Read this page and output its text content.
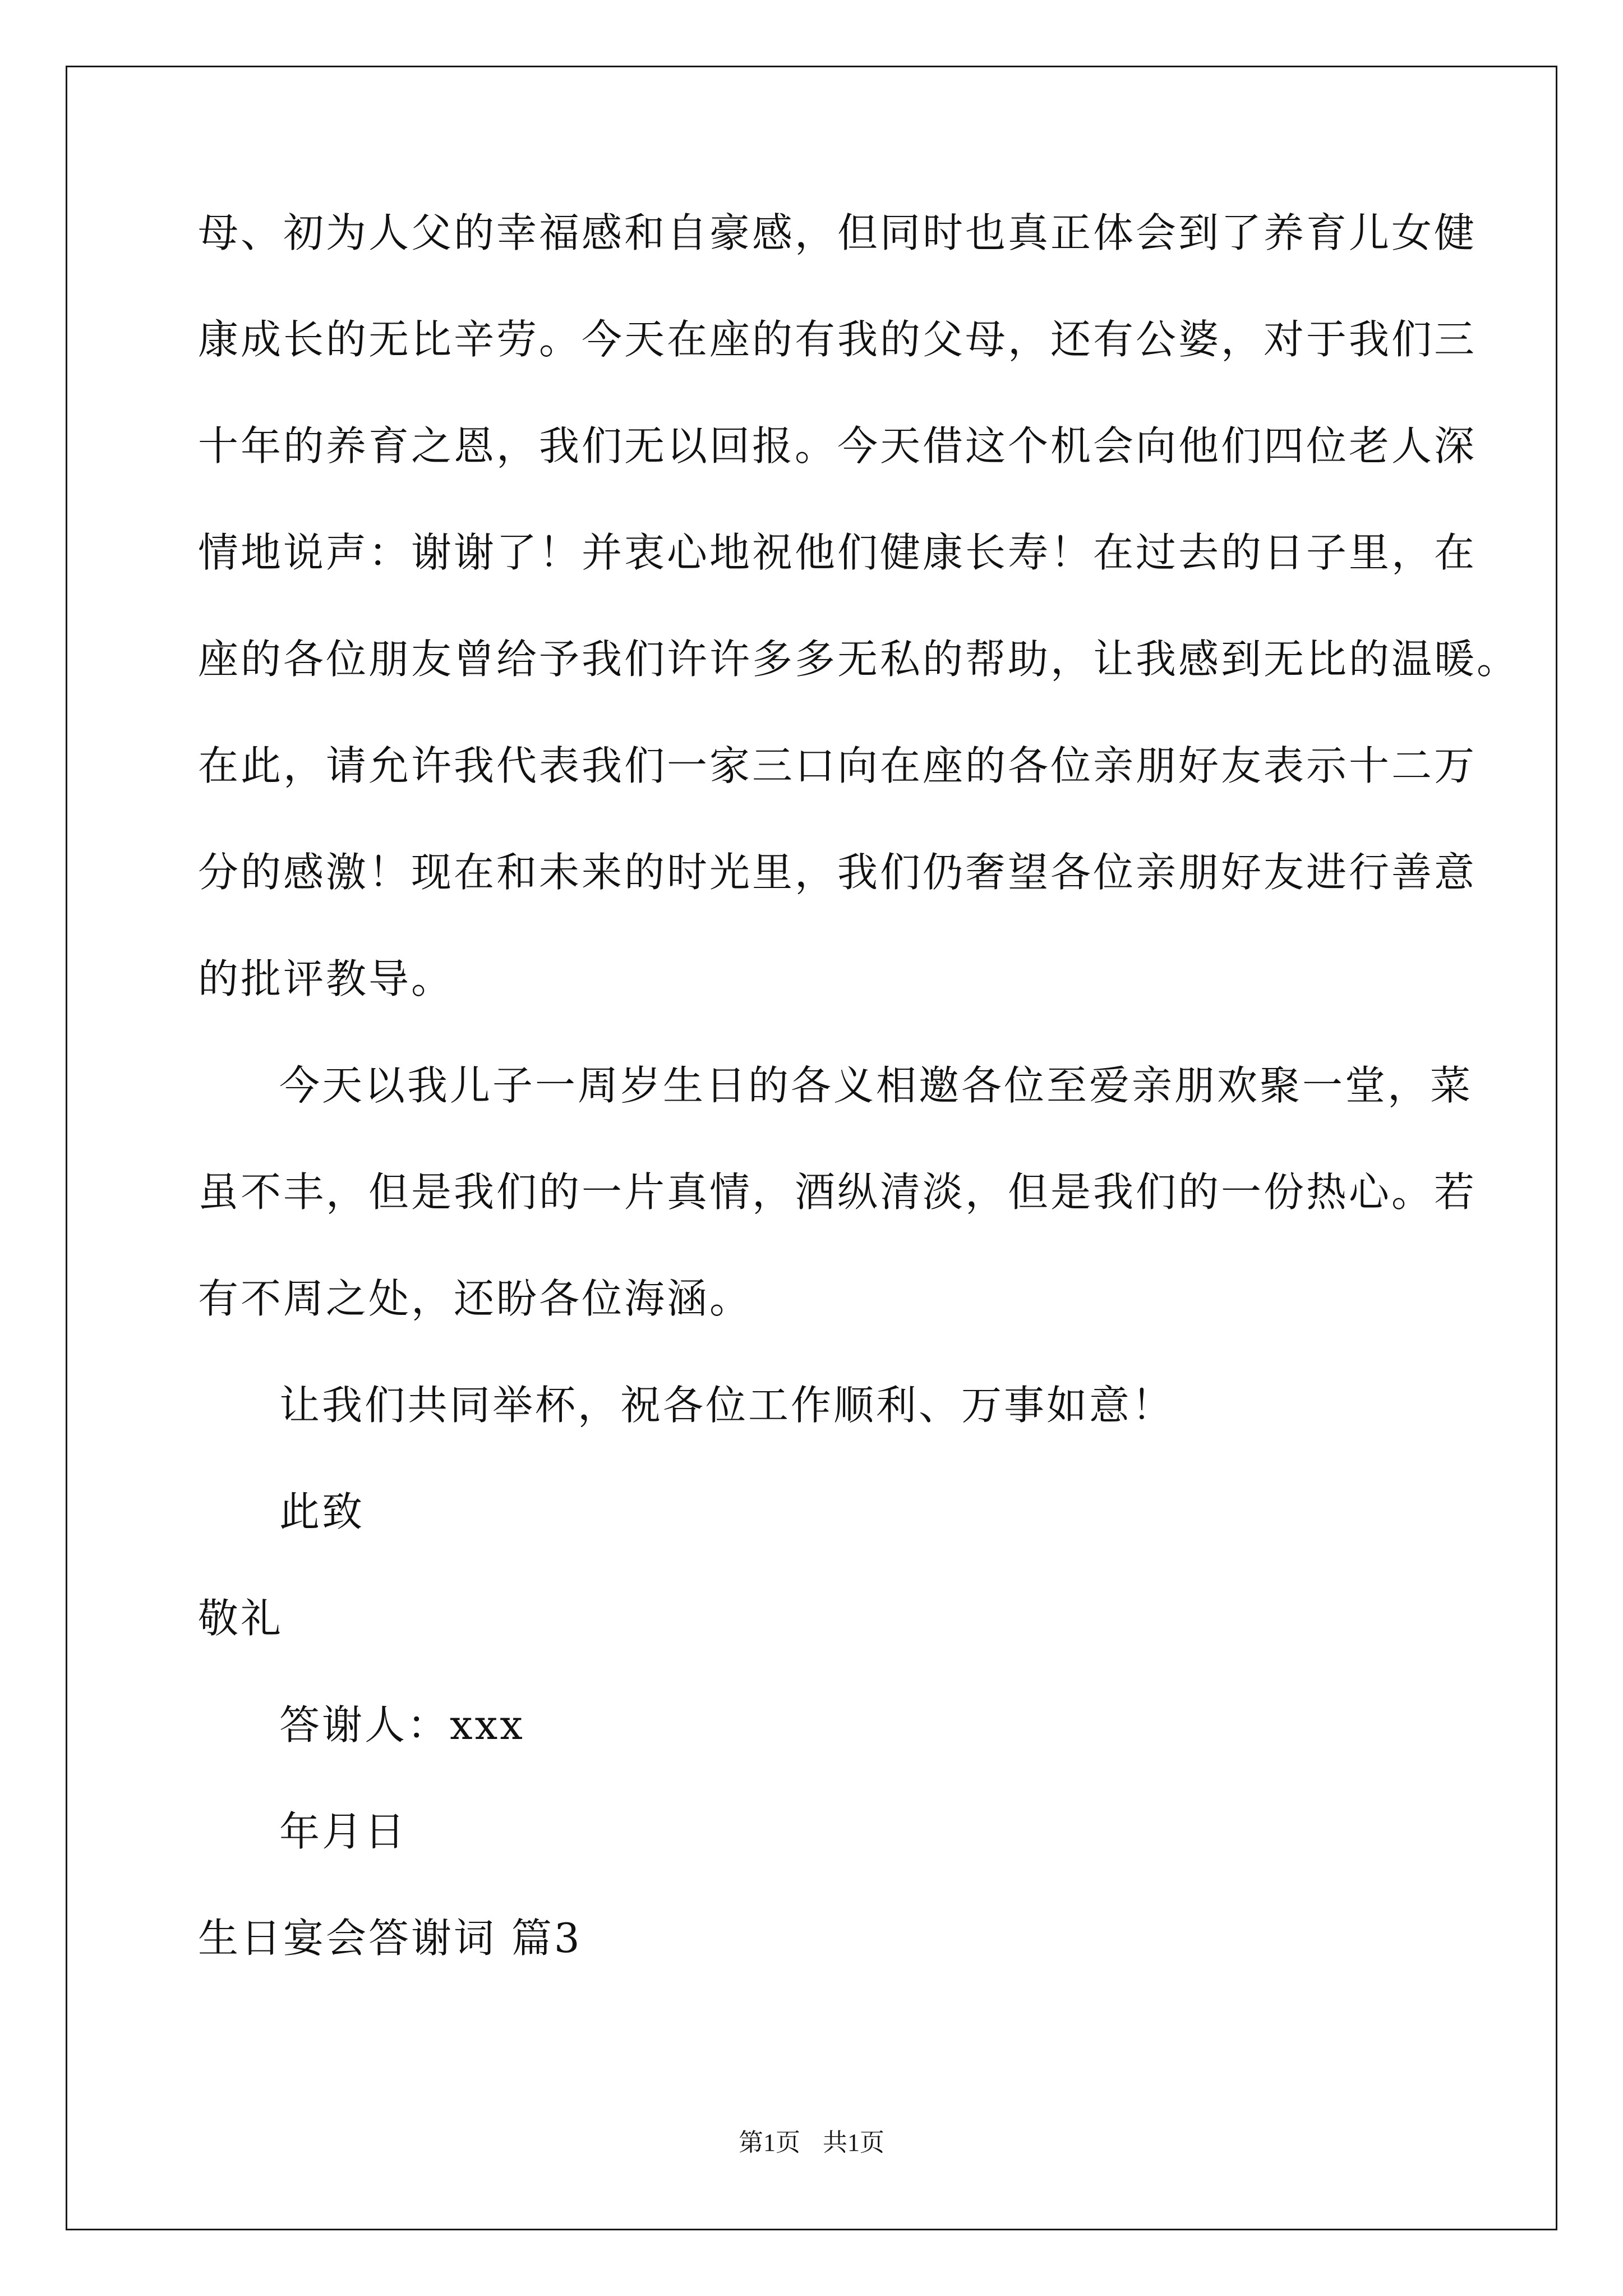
母、初为人父的幸福感和自豪感，但同时也真正体会到了养育儿女健
康成长的无比辛劳。今天在座的有我的父母，还有公婆，对于我们三
十年的养育之恩，我们无以回报。今天借这个机会向他们四位老人深
情地说声：谢谢了！并衷心地祝他们健康长寿！在过去的日子里，在
座的各位朋友曾给予我们许许多多无私的帮助，让我感到无比的温暖。
在此，请允许我代表我们一家三口向在座的各位亲朋好友表示十二万
分的感激！现在和未来的时光里，我们仍奢望各位亲朋好友进行善意
的批评教导。
今天以我儿子一周岁生日的各义相邀各位至爱亲朋欢聚一堂，菜
虽不丰，但是我们的一片真情，酒纵清淡，但是我们的一份热心。若
有不周之处，还盼各位海涵。
让我们共同举杯，祝各位工作顺利、万事如意！
此致
敬礼
答谢人：xxx
年月日
生日宴会答谢词 篇3
第1页 共1页
